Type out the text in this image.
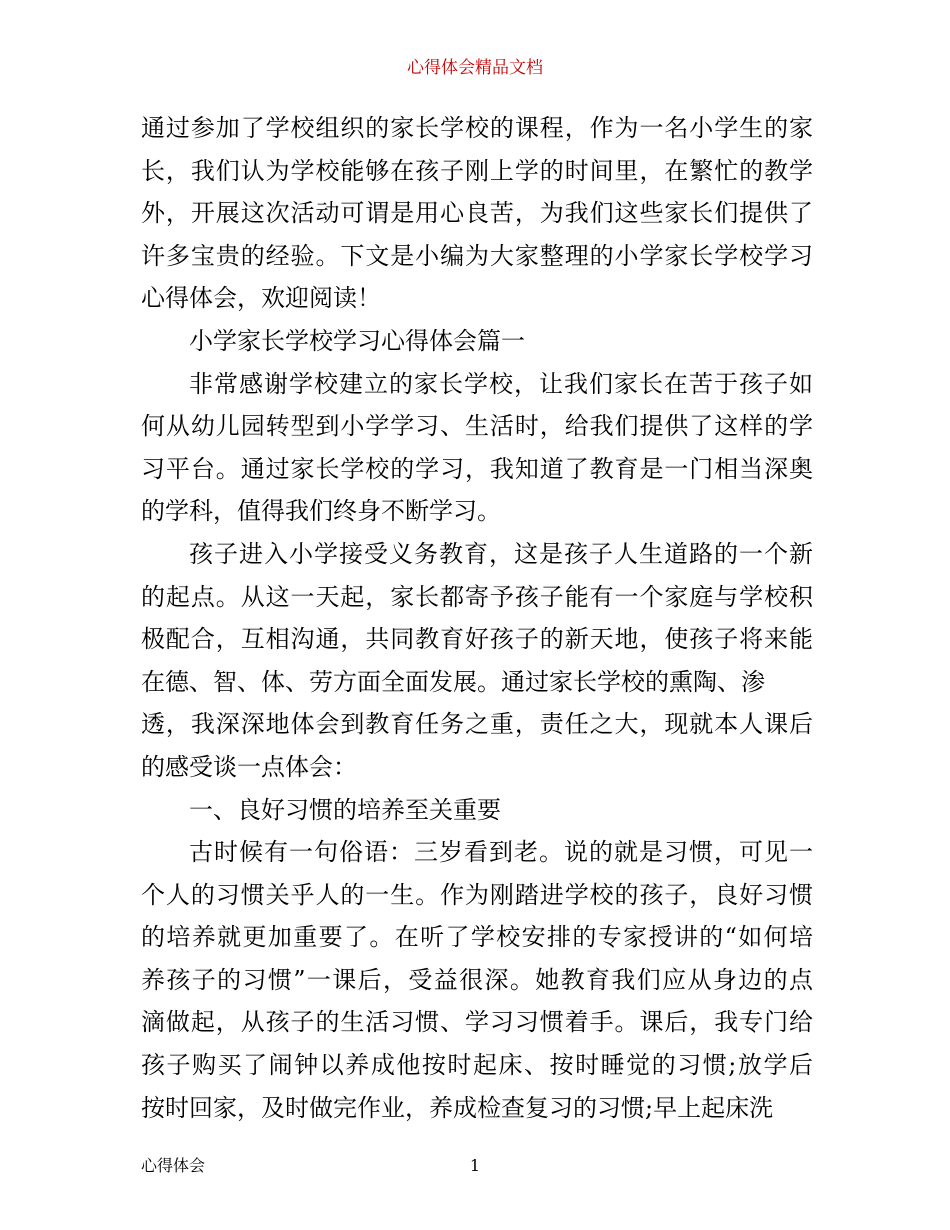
心得体会精品文档
通过参加了学校组织的家长学校的课程，作为一名小学生的家
长，我们认为学校能够在孩子刚上学的时间里，在繁忙的教学
外，开展这次活动可谓是用心良苦，为我们这些家长们提供了
许多宝贵的经验。下文是小编为大家整理的小学家长学校学习
心得体会，欢迎阅读！
小学家长学校学习心得体会篇一
非常感谢学校建立的家长学校，让我们家长在苦于孩子如
何从幼儿园转型到小学学习、生活时，给我们提供了这样的学
习平台。通过家长学校的学习，我知道了教育是一门相当深奥
的学科，值得我们终身不断学习。
孩子进入小学接受义务教育，这是孩子人生道路的一个新
的起点。从这一天起，家长都寄予孩子能有一个家庭与学校积
极配合，互相沟通，共同教育好孩子的新天地，使孩子将来能
在德、智、体、劳方面全面发展。通过家长学校的熏陶、渗
透，我深深地体会到教育任务之重，责任之大，现就本人课后
的感受谈一点体会：
一、良好习惯的培养至关重要
古时候有一句俗语：三岁看到老。说的就是习惯，可见一
个人的习惯关乎人的一生。作为刚踏进学校的孩子，良好习惯
的培养就更加重要了。在听了学校安排的专家授讲的“如何培
养孩子的习惯”一课后，受益很深。她教育我们应从身边的点
滴做起，从孩子的生活习惯、学习习惯着手。课后，我专门给
孩子购买了闹钟以养成他按时起床、按时睡觉的习惯;放学后
按时回家，及时做完作业，养成检查复习的习惯;早上起床洗
心得体会	1
